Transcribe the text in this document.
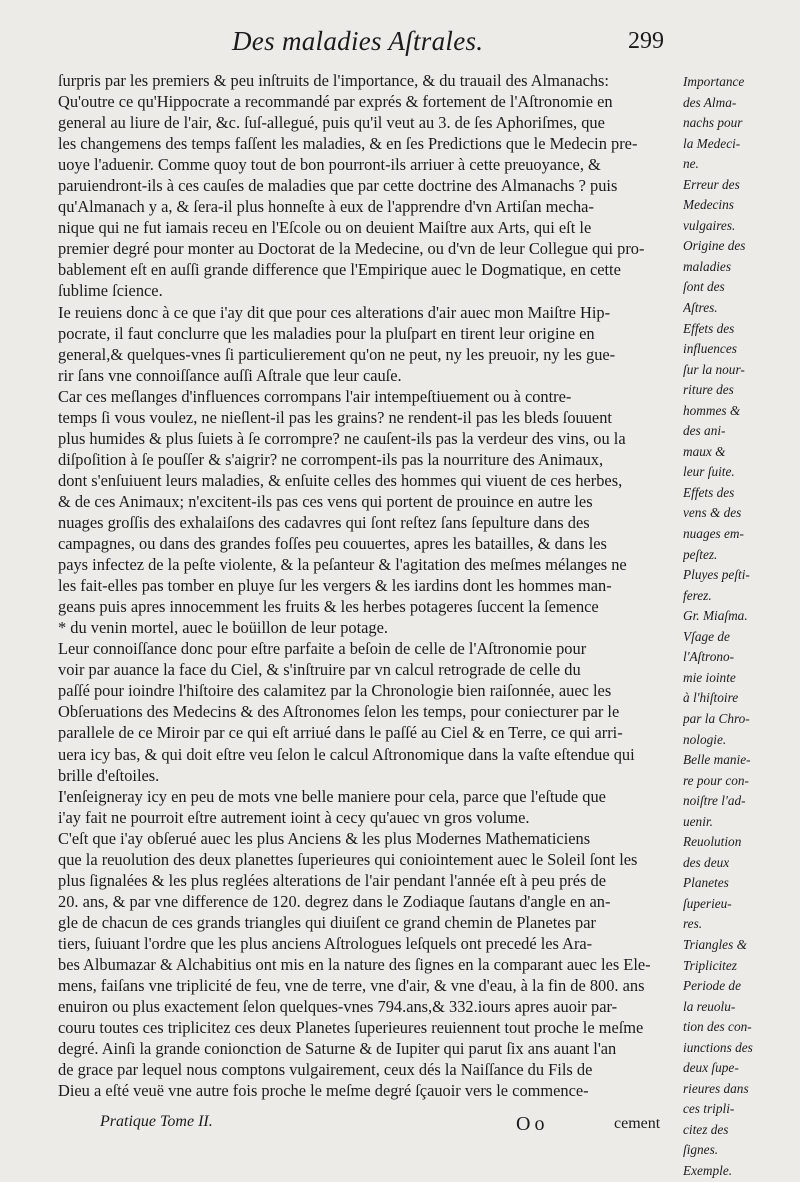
Des maladies Aſtrales.	299
ſurpris par les premiers & peu inſtruits de l'importance, & du trauail des Almanachs:
Qu'outre ce qu'Hippocrate a recommandé par exprés & fortement de l'Aſtronomie en
general au liure de l'air, &c. ſuſ-allegué, puis qu'il veut au 3. de ſes Aphoriſmes, que
les changemens des temps faſſent les maladies, & en ſes Predictions que le Medecin pre-
uoye l'aduenir. Comme quoy tout de bon pourront-ils arriuer à cette preuoyance, &
paruiendront-ils à ces cauſes de maladies que par cette doctrine des Almanachs ? puis
qu'Almanach y a, & ſera-il plus honneſte à eux de l'apprendre d'vn Artiſan mecha-
nique qui ne fut iamais receu en l'Eſcole ou on deuient Maiſtre aux Arts, qui eſt le
premier degré pour monter au Doctorat de la Medecine, ou d'vn de leur Collegue qui pro-
bablement eſt en auſſi grande difference que l'Empirique auec le Dogmatique, en cette
ſublime ſcience.
Ie reuiens donc à ce que i'ay dit que pour ces alterations d'air auec mon Maiſtre Hip-
pocrate, il faut conclurre que les maladies pour la pluſpart en tirent leur origine en
general,& quelques-vnes ſi particulierement qu'on ne peut, ny les preuoir, ny les gue-
rir ſans vne connoiſſance auſſi Aſtrale que leur cauſe.
Car ces meſlanges d'influences corrompans l'air intempeſtiuement ou à contre-
temps ſi vous voulez, ne nieſlent-il pas les grains? ne rendent-il pas les bleds ſouuent
plus humides & plus ſuiets à ſe corrompre? ne cauſent-ils pas la verdeur des vins, ou la
diſpoſition à ſe pouſſer & s'aigrir? ne corrompent-ils pas la nourriture des Animaux,
dont s'enſuiuent leurs maladies, & enſuite celles des hommes qui viuent de ces herbes,
& de ces Animaux; n'excitent-ils pas ces vens qui portent de prouince en autre les
nuages groſſis des exhalaiſons des cadavres qui ſont reſtez ſans ſepulture dans des
campagnes, ou dans des grandes foſſes peu couuertes, apres les batailles, & dans les
pays infectez de la peſte violente, & la peſanteur & l'agitation des meſmes mélanges ne
les fait-elles pas tomber en pluye ſur les vergers & les iardins dont les hommes man-
geans puis apres innocemment les fruits & les herbes potageres ſuccent la ſemence
* du venin mortel, auec le boüillon de leur potage.
Leur connoiſſance donc pour eſtre parfaite a beſoin de celle de l'Aſtronomie pour
voir par auance la face du Ciel, & s'inſtruire par vn calcul retrograde de celle du
paſſé pour ioindre l'hiſtoire des calamitez par la Chronologie bien raiſonnée, auec les
Obſeruations des Medecins & des Aſtronomes ſelon les temps, pour coniecturer par le
parallele de ce Miroir par ce qui eſt arriué dans le paſſé au Ciel & en Terre, ce qui arri-
uera icy bas, & qui doit eſtre veu ſelon le calcul Aſtronomique dans la vaſte eſtendue qui
brille d'eſtoiles.
I'enſeigneray icy en peu de mots vne belle maniere pour cela, parce que l'eſtude que
i'ay fait ne pourroit eſtre autrement ioint à cecy qu'auec vn gros volume.
C'eſt que i'ay obſerué auec les plus Anciens & les plus Modernes Mathematiciens
que la reuolution des deux planettes ſuperieures qui coniointement auec le Soleil ſont les
plus ſignalées & les plus reglées alterations de l'air pendant l'année eſt à peu prés de
20. ans, & par vne difference de 120. degrez dans le Zodiaque ſautans d'angle en an-
gle de chacun de ces grands triangles qui diuiſent ce grand chemin de Planetes par
tiers, ſuiuant l'ordre que les plus anciens Aſtrologues leſquels ont precedé les Ara-
bes Albumazar & Alchabitius ont mis en la nature des ſignes en la comparant auec les Ele-
mens, faiſans vne triplicité de feu, vne de terre, vne d'air, & vne d'eau, à la fin de 800. ans
enuiron ou plus exactement ſelon quelques-vnes 794.ans,& 332.iours apres auoir par-
couru toutes ces triplicitez ces deux Planetes ſuperieures reuiennent tout proche le meſme
degré. Ainſi la grande conionction de Saturne & de Iupiter qui parut ſix ans auant l'an
de grace par lequel nous comptons vulgairement, ceux dés la Naiſſance du Fils de
Dieu a eſté veuë vne autre fois proche le meſme degré ſçauoir vers le commence-
Importance
des Alma-
nachs pour
la Medeci-
ne.
Erreur des
Medecins
vulgaires.
Origine des
maladies
ſont des
Aſtres.
Effets des
influences
ſur la nour-
riture des
hommes &
des ani-
maux &
leur ſuite.
Effets des
vens & des
nuages em-
peſtez.
Pluyes peſti-
ferez.
Gr. Miaſma.
Vſage de
l'Aſtrono-
mie iointe
à l'hiſtoire
par la Chro-
nologie.
Belle manie-
re pour con-
noiſtre l'ad-
uenir.
Reuolution
des deux
Planetes
ſuperieu-
res.
Triangles &
Triplicitez
Periode de
la reuolu-
tion des con-
iunctions des
deux ſupe-
rieures dans
ces tripli-
citez des
ſignes.
Exemple.
Pratique Tome II.	Oo	cement
